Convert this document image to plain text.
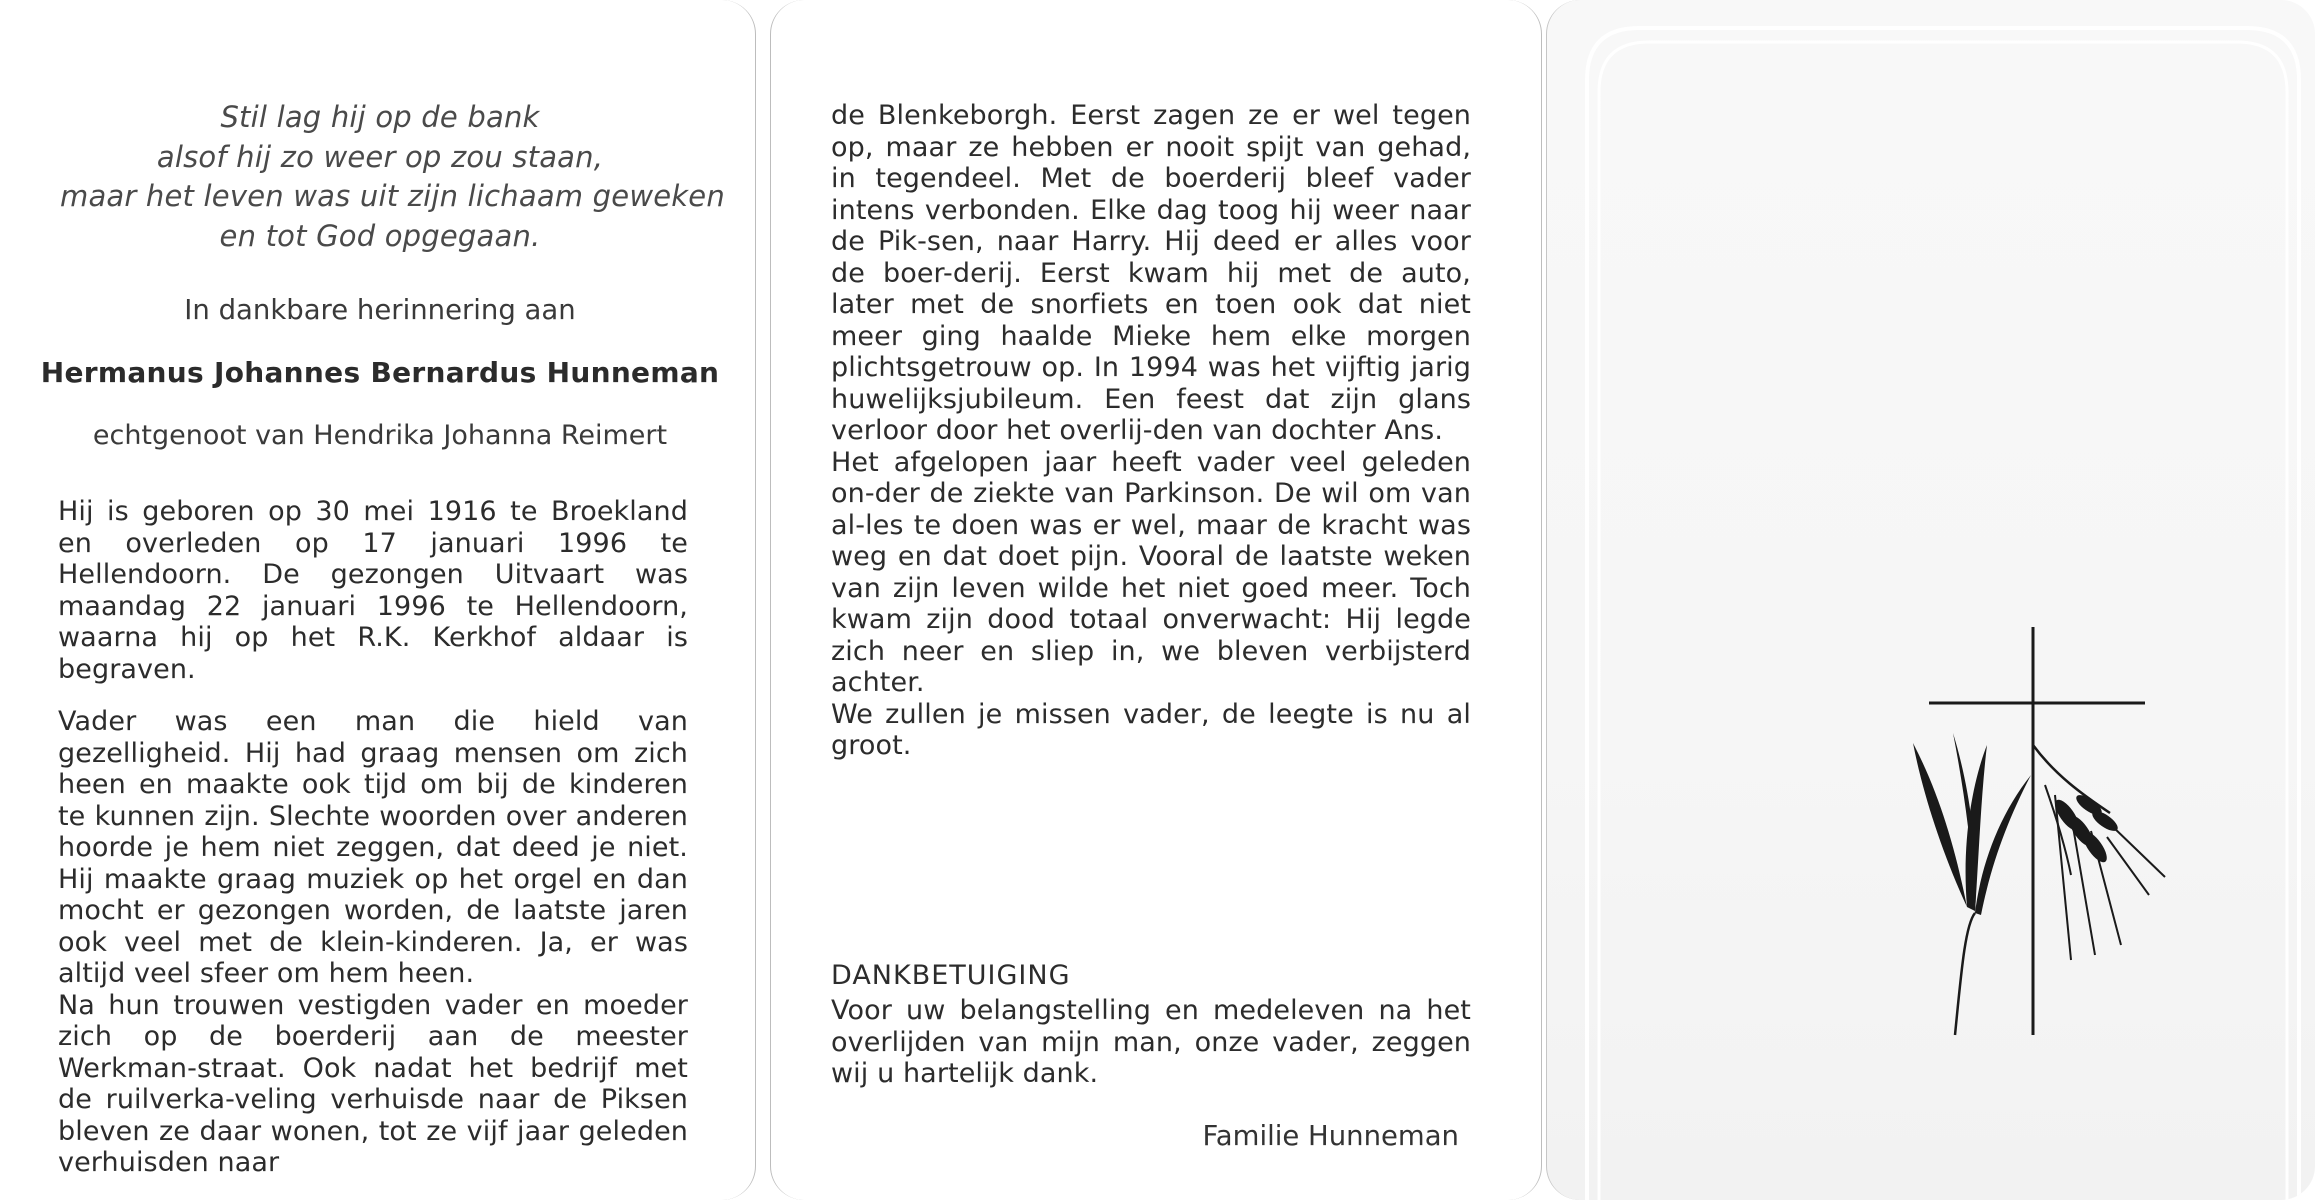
Stil lag hij op de bank
alsof hij zo weer op zou staan,
maar het leven was uit zijn lichaam geweken
en tot God opgegaan.
In dankbare herinnering aan
Hermanus Johannes Bernardus Hunneman
echtgenoot van Hendrika Johanna Reimert
Hij is geboren op 30 mei 1916 te Broekland en overleden op 17 januari 1996 te Hellendoorn. De gezongen Uitvaart was maandag 22 januari 1996 te Hellendoorn, waarna hij op het R.K. Kerkhof aldaar is begraven.
Vader was een man die hield van gezelligheid. Hij had graag mensen om zich heen en maakte ook tijd om bij de kinderen te kunnen zijn. Slechte woorden over anderen hoorde je hem niet zeggen, dat deed je niet. Hij maakte graag muziek op het orgel en dan mocht er gezongen worden, de laatste jaren ook veel met de klein-kinderen. Ja, er was altijd veel sfeer om hem heen.
Na hun trouwen vestigden vader en moeder zich op de boerderij aan de meester Werkman-straat. Ook nadat het bedrijf met de ruilverka-veling verhuisde naar de Piksen bleven ze daar wonen, tot ze vijf jaar geleden verhuisden naar
de Blenkeborgh. Eerst zagen ze er wel tegen op, maar ze hebben er nooit spijt van gehad, in tegendeel. Met de boerderij bleef vader intens verbonden. Elke dag toog hij weer naar de Pik-sen, naar Harry. Hij deed er alles voor de boer-derij. Eerst kwam hij met de auto, later met de snorfiets en toen ook dat niet meer ging haalde Mieke hem elke morgen plichtsgetrouw op. In 1994 was het vijftig jarig huwelijksjubileum. Een feest dat zijn glans verloor door het overlij-den van dochter Ans.
Het afgelopen jaar heeft vader veel geleden on-der de ziekte van Parkinson. De wil om van al-les te doen was er wel, maar de kracht was weg en dat doet pijn. Vooral de laatste weken van zijn leven wilde het niet goed meer. Toch kwam zijn dood totaal onverwacht: Hij legde zich neer en sliep in, we bleven verbijsterd achter.
We zullen je missen vader, de leegte is nu al groot.
DANKBETUIGING
Voor uw belangstelling en medeleven na het overlijden van mijn man, onze vader, zeggen wij u hartelijk dank.
Familie Hunneman
